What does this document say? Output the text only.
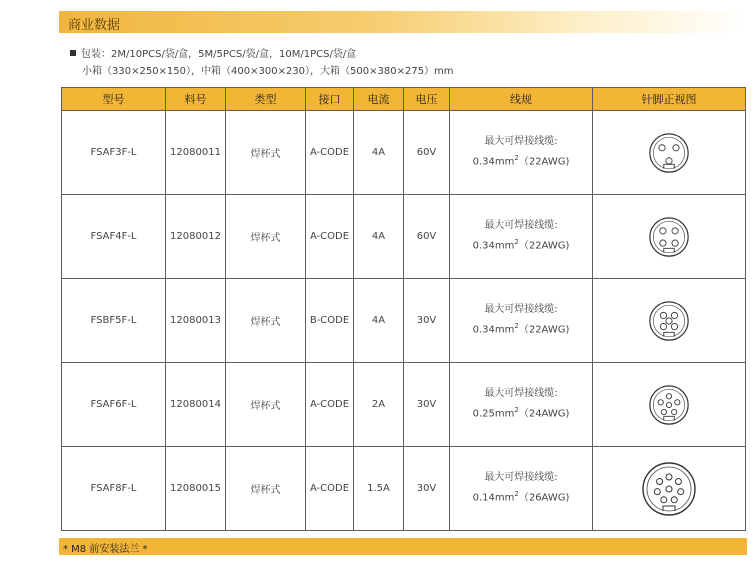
商业数据
包装：2M/10PCS/袋/盒，5M/5PCS/袋/盒，10M/1PCS/袋/盒
小箱（330×250×150），中箱（400×300×230），大箱（500×380×275）mm
型号	料号	类型	接口	电流	电压	线规	针脚正视图
FSAF3F-L	12080011	焊杯式	A-CODE	4A	60V	最大可焊接线缆:
$0.34mm^2(22AWG)$

FSAF4F-L	12080012	焊杯式	A-CODE	4A	60V	最大可焊接线缆:
$0.34mm^2(22AWG)$

FSBF5F-L	12080013	焊杯式	B-CODE	4A	30V	最大可焊接线缆:
$0.34mm^2(22AWG)$

FSAF6F-L	12080014	焊杯式	A-CODE	2A	30V	最大可焊接线缆:
$0.25mm^2(24AWG)$

FSAF8F-L	12080015	焊杯式	A-CODE	1.5A	30V	最大可焊接线缆:
$0.14mm^2(26AWG)$

* M8 前安装法兰 *
